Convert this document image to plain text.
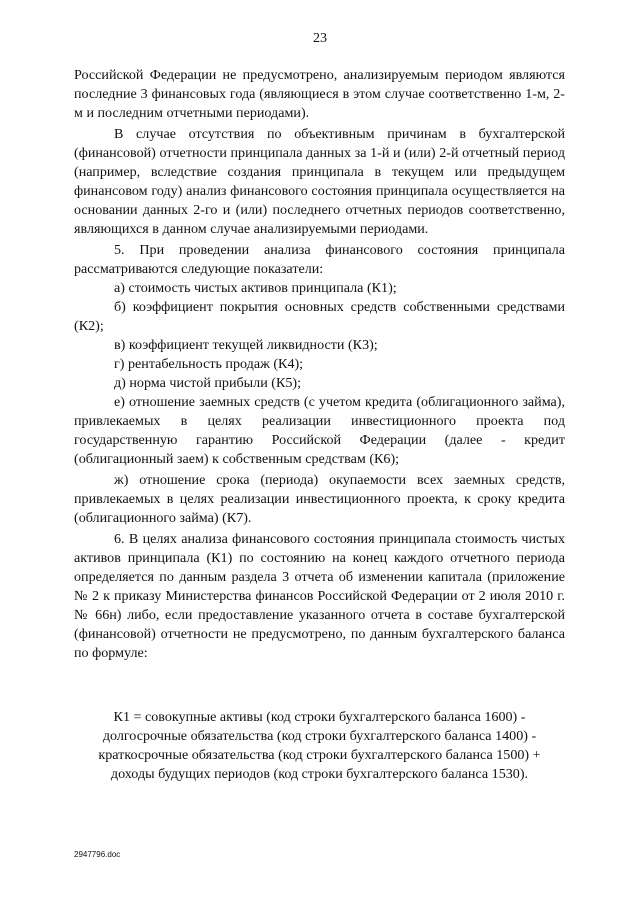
23

Российской Федерации не предусмотрено, анализируемым периодом являются последние 3 финансовых года (являющиеся в этом случае соответственно 1-м, 2-м и последним отчетными периодами).

В случае отсутствия по объективным причинам в бухгалтерской (финансовой) отчетности принципала данных за 1-й и (или) 2-й отчетный период (например, вследствие создания принципала в текущем или предыдущем финансовом году) анализ финансового состояния принципала осуществляется на основании данных 2-го и (или) последнего отчетных периодов соответственно, являющихся в данном случае анализируемыми периодами.

5. При проведении анализа финансового состояния принципала рассматриваются следующие показатели:

а) стоимость чистых активов принципала (К1);

б) коэффициент покрытия основных средств собственными средствами (К2);

в) коэффициент текущей ликвидности (К3);

г) рентабельность продаж (К4);

д) норма чистой прибыли (К5);

е) отношение заемных средств (с учетом кредита (облигационного займа), привлекаемых в целях реализации инвестиционного проекта под государственную гарантию Российской Федерации (далее - кредит (облигационный заем) к собственным средствам (К6);

ж) отношение срока (периода) окупаемости всех заемных средств, привлекаемых в целях реализации инвестиционного проекта, к сроку кредита (облигационного займа) (К7).

6. В целях анализа финансового состояния принципала стоимость чистых активов принципала (К1) по состоянию на конец каждого отчетного периода определяется по данным раздела 3 отчета об изменении капитала (приложение № 2 к приказу Министерства финансов Российской Федерации от 2 июля 2010 г. № 66н) либо, если предоставление указанного отчета в составе бухгалтерской (финансовой) отчетности не предусмотрено, по данным бухгалтерского баланса по формуле:

К1 = совокупные активы (код строки бухгалтерского баланса 1600) -
долгосрочные обязательства (код строки бухгалтерского баланса 1400) -
краткосрочные обязательства (код строки бухгалтерского баланса 1500) +
доходы будущих периодов (код строки бухгалтерского баланса 1530).
2947796.doc
